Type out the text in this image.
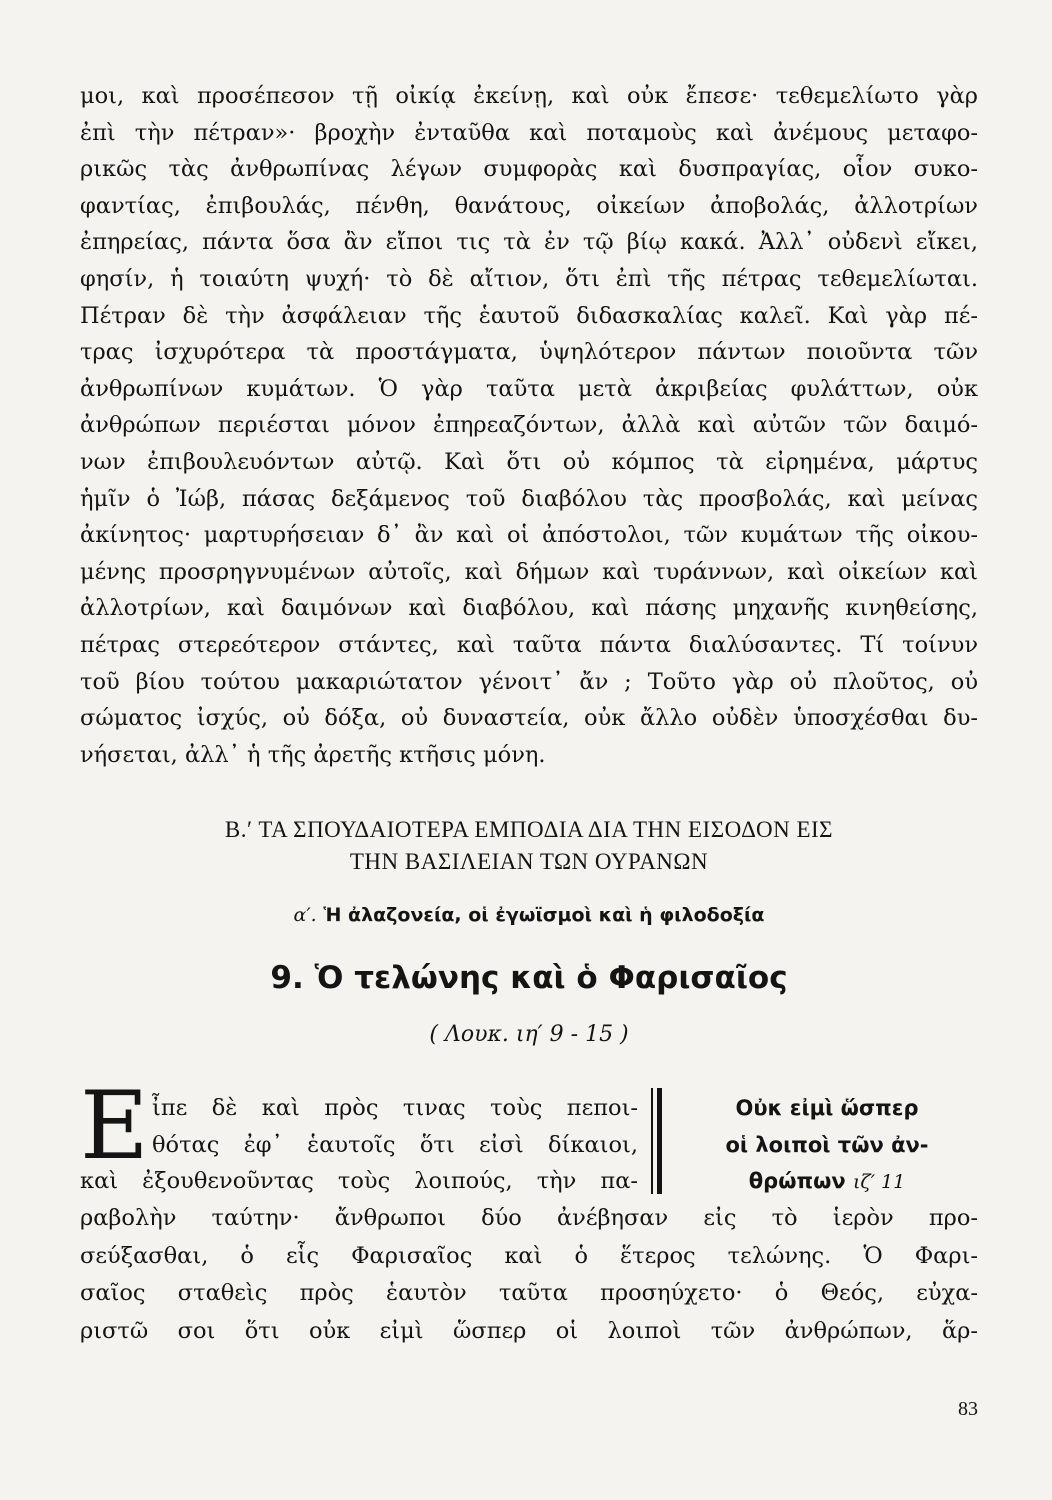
μοι, καὶ προσέπεσον τῇ οἰκίᾳ ἐκείνῃ, καὶ οὐκ ἔπεσε· τεθεμελίωτο γὰρ
ἐπὶ τὴν πέτραν»· βροχὴν ἐνταῦθα καὶ ποταμοὺς καὶ ἀνέμους μεταφο-
ρικῶς τὰς ἀνθρωπίνας λέγων συμφορὰς καὶ δυσπραγίας, οἷον συκο-
φαντίας, ἐπιβουλάς, πένθη, θανάτους, οἰκείων ἀποβολάς, ἀλλοτρίων
ἐπηρείας, πάντα ὅσα ἂν εἴποι τις τὰ ἐν τῷ βίῳ κακά. Ἀλλ᾿ οὐδενὶ εἴκει,
φησίν, ἡ τοιαύτη ψυχή· τὸ δὲ αἴτιον, ὅτι ἐπὶ τῆς πέτρας τεθεμελίωται.
Πέτραν δὲ τὴν ἀσφάλειαν τῆς ἑαυτοῦ διδασκαλίας καλεῖ. Καὶ γὰρ πέ-
τρας ἰσχυρότερα τὰ προστάγματα, ὑψηλότερον πάντων ποιοῦντα τῶν
ἀνθρωπίνων κυμάτων. Ὁ γὰρ ταῦτα μετὰ ἀκριβείας φυλάττων, οὐκ
ἀνθρώπων περιέσται μόνον ἐπηρεαζόντων, ἀλλὰ καὶ αὐτῶν τῶν δαιμό-
νων ἐπιβουλευόντων αὐτῷ. Καὶ ὅτι οὐ κόμπος τὰ εἰρημένα, μάρτυς
ἡμῖν ὁ Ἰώβ, πάσας δεξάμενος τοῦ διαβόλου τὰς προσβολάς, καὶ μείνας
ἀκίνητος· μαρτυρήσειαν δ᾿ ἂν καὶ οἱ ἀπόστολοι, τῶν κυμάτων τῆς οἰκου-
μένης προσρηγνυμένων αὐτοῖς, καὶ δήμων καὶ τυράννων, καὶ οἰκείων καὶ
ἀλλοτρίων, καὶ δαιμόνων καὶ διαβόλου, καὶ πάσης μηχανῆς κινηθείσης,
πέτρας στερεότερον στάντες, καὶ ταῦτα πάντα διαλύσαντες. Τί τοίνυν
τοῦ βίου τούτου μακαριώτατον γένοιτ᾿ ἄν ; Τοῦτο γὰρ οὐ πλοῦτος, οὐ
σώματος ἰσχύς, οὐ δόξα, οὐ δυναστεία, οὐκ ἄλλο οὐδὲν ὑποσχέσθαι δυ-
νήσεται, ἀλλ᾿ ἡ τῆς ἀρετῆς κτῆσις μόνη.
Β.′ ΤΑ ΣΠΟΥΔΑΙΟΤΕΡΑ ΕΜΠΟΔΙΑ ΔΙΑ ΤΗΝ ΕΙΣΟΔΟΝ ΕΙΣ
ΤΗΝ ΒΑΣΙΛΕΙΑΝ ΤΩΝ ΟΥΡΑΝΩΝ
α′. Ἡ ἀλαζονεία, οἱ ἐγωϊσμοὶ καὶ ἡ φιλοδοξία
9. Ὁ τελώνης καὶ ὁ Φαρισαῖος
( Λουκ. ιη′ 9 - 15 )
Ε ἶπε δὲ καὶ πρὸς τινας τοὺς πεποι-
θότας ἐφ᾿ ἑαυτοῖς ὅτι εἰσὶ δίκαιοι,
καὶ ἐξουθενοῦντας τοὺς λοιπούς, τὴν πα-
Οὐκ εἰμὶ ὥσπερ
οἱ λοιποὶ τῶν ἀν-
θρώπων ιζ′ 11
ραβολὴν ταύτην· ἄνθρωποι δύο ἀνέβησαν εἰς τὸ ἱερὸν προ-
σεύξασθαι, ὁ εἷς Φαρισαῖος καὶ ὁ ἕτερος τελώνης. Ὁ Φαρι-
σαῖος σταθεὶς πρὸς ἑαυτὸν ταῦτα προσηύχετο· ὁ Θεός, εὐχα-
ριστῶ σοι ὅτι οὐκ εἰμὶ ὥσπερ οἱ λοιποὶ τῶν ἀνθρώπων, ἅρ-
83
